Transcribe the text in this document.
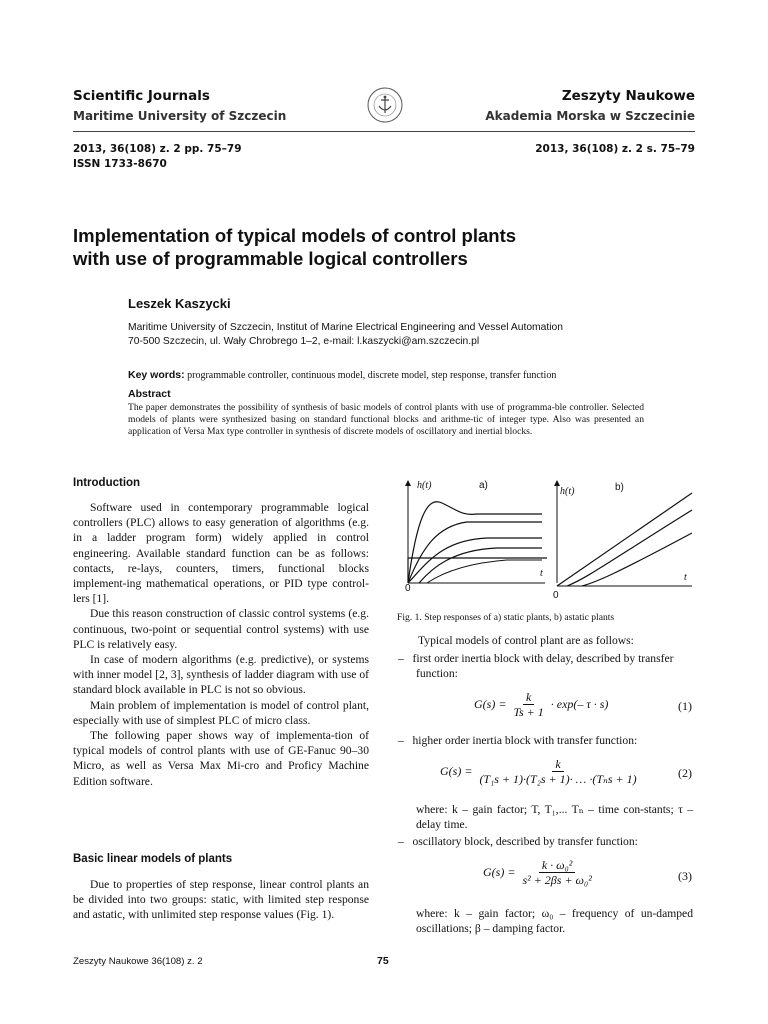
Scientific Journals
Maritime University of Szczecin
Zeszyty Naukowe
Akademia Morska w Szczecinie
2013, 36(108) z. 2 pp. 75–79
ISSN 1733-8670
2013, 36(108) z. 2 s. 75–79
Implementation of typical models of control plants
with use of programmable logical controllers
Leszek Kaszycki
Maritime University of Szczecin, Institut of Marine Electrical Engineering and Vessel Automation
70-500 Szczecin, ul. Wały Chrobrego 1–2, e-mail: l.kaszycki@am.szczecin.pl
Key words: programmable controller, continuous model, discrete model, step response, transfer function
Abstract
The paper demonstrates the possibility of synthesis of basic models of control plants with use of programma-ble controller. Selected models of plants were synthesized basing on standard functional blocks and arithme-tic of integer type. Also was presented an application of Versa Max type controller in synthesis of discrete models of oscillatory and inertial blocks.
Introduction

Software used in contemporary programmable logical controllers (PLC) allows to easy generation of algorithms (e.g. in a ladder program form) widely applied in control engineering. Available standard function can be as follows: contacts, re-lays, counters, timers, functional blocks implement-ing mathematical operations, or PID type control-lers [1].

Due this reason construction of classic control systems (e.g. continuous, two-point or sequential control systems) with use PLC is relatively easy.

In case of modern algorithms (e.g. predictive), or systems with inner model [2, 3], synthesis of ladder diagram with use of standard block available in PLC is not so obvious.

Main problem of implementation is model of control plant, especially with use of simplest PLC of micro class.

The following paper shows way of implementa-tion of typical models of control plants with use of GE-Fanuc 90–30 Micro, as well as Versa Max Mi-cro and Proficy Machine Edition software.

Basic linear models of plants

Due to properties of step response, linear control plants an be divided into two groups: static, with limited step response and astatic, with unlimited step response values (Fig. 1).

h(t)	a)
t
0
h(t)	b)
t
0
Fig. 1. Step responses of a) static plants, b) astatic plants
Typical models of control plant are as follows:
– first order inertia block with delay, described by transfer function:
$G(s) = \frac{k}{Ts + 1} \cdot \exp(-$ τ · s)	(1)
– higher order inertia block with transfer function:
$G(s) = \frac{k}{\text{(T₁s + 1)·(T₂s + 1)· … ·(Tₙs + 1)}}$	(2)
where: k – gain factor; T, T₁,... Tₙ – time con-stants; τ – delay time.
– oscillatory block, described by transfer function:
$G(s) = \frac{\text{k · ω₀²}}{\text{s² + 2βs + ω₀²}}$	(3)
where: k – gain factor; ω₀ – frequency of un-damped oscillations; β – damping factor.
Zeszyty Naukowe 36(108) z. 2	75
